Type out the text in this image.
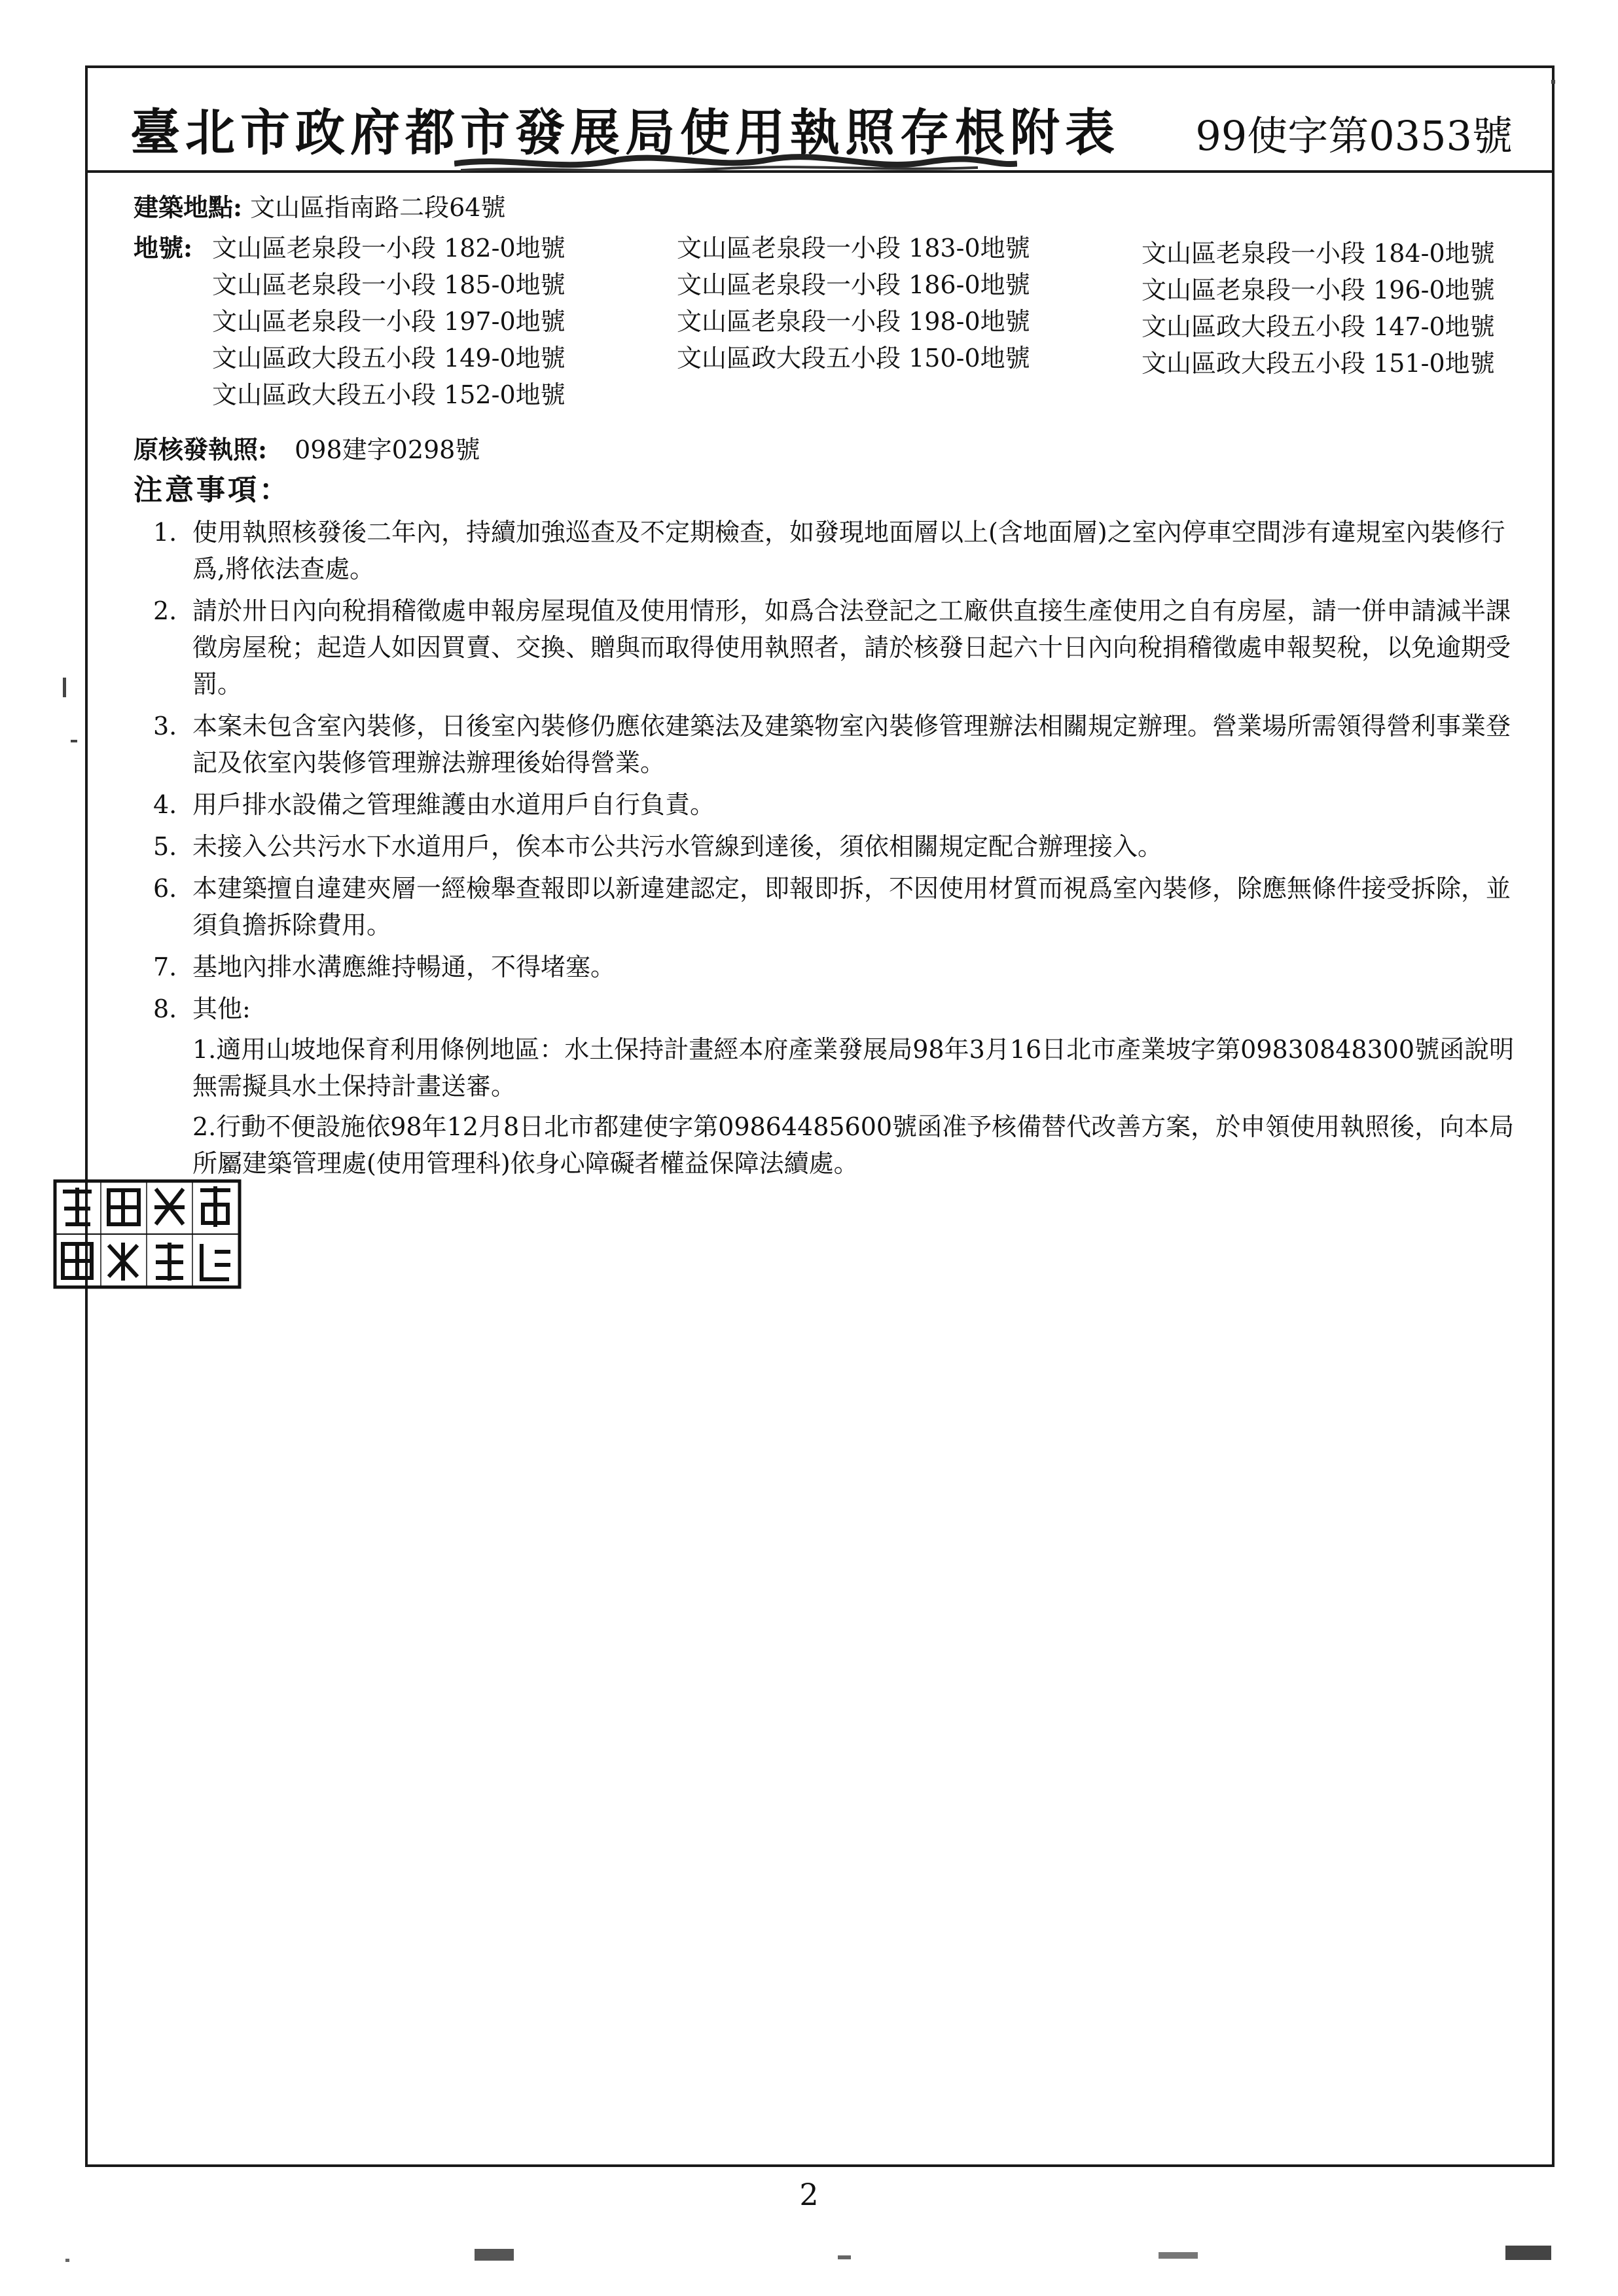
臺北市政府都市發展局使用執照存根附表 99使字第0353號
建築地點: 文山區指南路二段64號
地號: 文山區老泉段一小段 182-0地號	文山區老泉段一小段 183-0地號	文山區老泉段一小段 184-0地號
文山區老泉段一小段 185-0地號	文山區老泉段一小段 186-0地號	文山區老泉段一小段 196-0地號
文山區老泉段一小段 197-0地號	文山區老泉段一小段 198-0地號	文山區政大段五小段 147-0地號
文山區政大段五小段 149-0地號	文山區政大段五小段 150-0地號	文山區政大段五小段 151-0地號
文山區政大段五小段 152-0地號
原核發執照: 098建字0298號
注意事項：
1. 使用執照核發後二年內，持續加強巡查及不定期檢查，如發現地面層以上(含地面層)之室內停車空間涉有違規室內裝修行爲,將依法查處。
2. 請於卅日內向稅捐稽徵處申報房屋現值及使用情形，如爲合法登記之工廠供直接生產使用之自有房屋，請一併申請減半課徵房屋稅；起造人如因買賣、交換、贈與而取得使用執照者，請於核發日起六十日內向稅捐稽徵處申報契稅，以免逾期受罰。
3. 本案未包含室內裝修，日後室內裝修仍應依建築法及建築物室內裝修管理辦法相關規定辦理。營業場所需領得營利事業登記及依室內裝修管理辦法辦理後始得營業。
4. 用戶排水設備之管理維護由水道用戶自行負責。
5. 未接入公共污水下水道用戶，俟本市公共污水管線到達後，須依相關規定配合辦理接入。
6. 本建築擅自違建夾層一經檢舉查報即以新違建認定，即報即拆，不因使用材質而視爲室內裝修，除應無條件接受拆除，並須負擔拆除費用。
7. 基地內排水溝應維持暢通，不得堵塞。
8. 其他:
1.適用山坡地保育利用條例地區：水土保持計畫經本府產業發展局98年3月16日北市產業坡字第09830848300號函說明無需擬具水土保持計畫送審。
2.行動不便設施依98年12月8日北市都建使字第09864485600號函准予核備替代改善方案，於申領使用執照後，向本局所屬建築管理處(使用管理科)依身心障礙者權益保障法續處。
2
